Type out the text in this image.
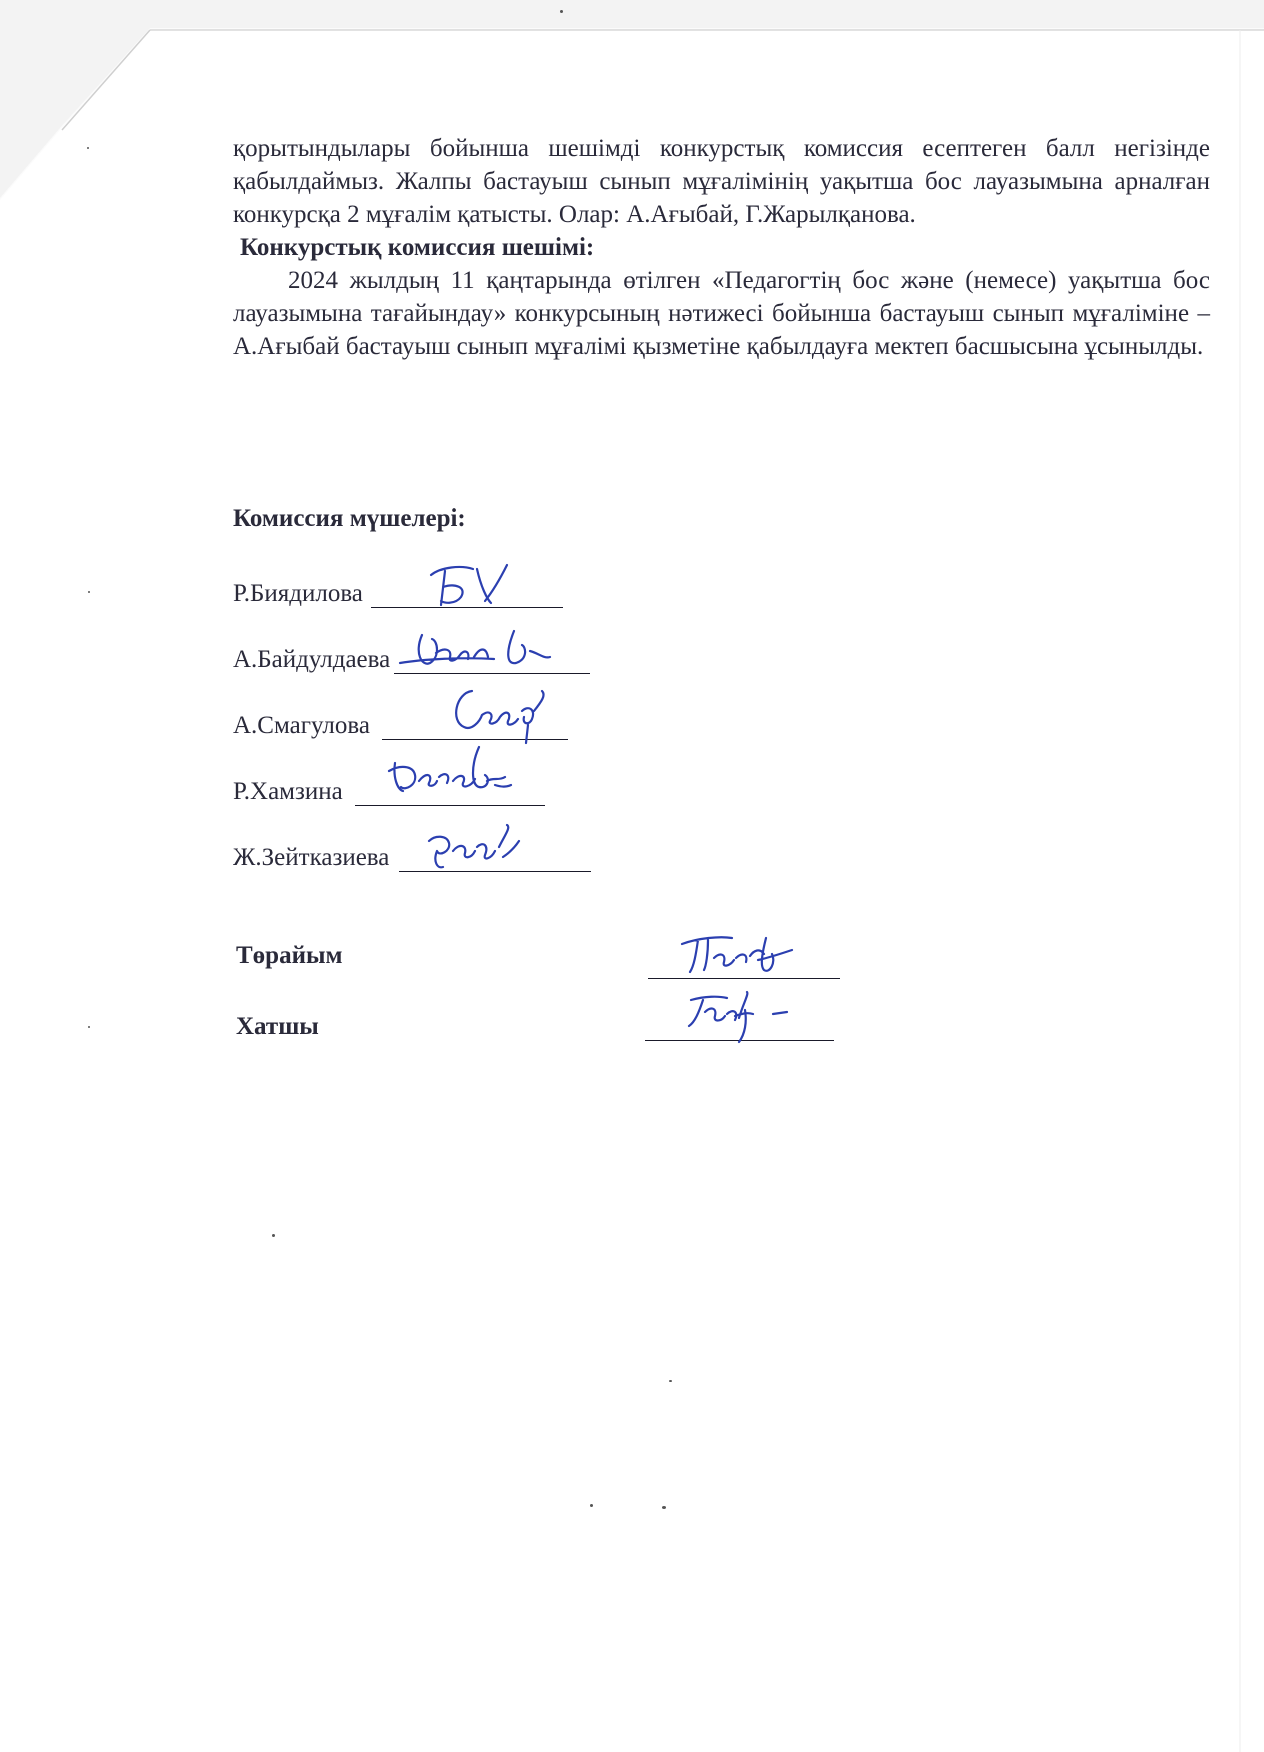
қорытындылары бойынша шешімді конкурстық комиссия есептеген балл негізінде қабылдаймыз. Жалпы бастауыш сынып мұғалімінің уақытша бос лауазымына арналған конкурсқа 2 мұғалім қатысты. Олар: А.Ағыбай, Г.Жарылқанова.

Конкурстық комиссия шешімі:

2024 жылдың 11 қаңтарында өтілген «Педагогтің бос және (немесе) уақытша бос лауазымына тағайындау» конкурсының нәтижесі бойынша бастауыш сынып мұғаліміне – А.Ағыбай бастауыш сынып мұғалімі қызметіне қабылдауға мектеп басшысына ұсынылды.

Комиссия мүшелері:
Р.Биядилова
А.Байдулдаева
А.Смагулова
Р.Хамзина
Ж.Зейтказиева
Төрайым
Хатшы
